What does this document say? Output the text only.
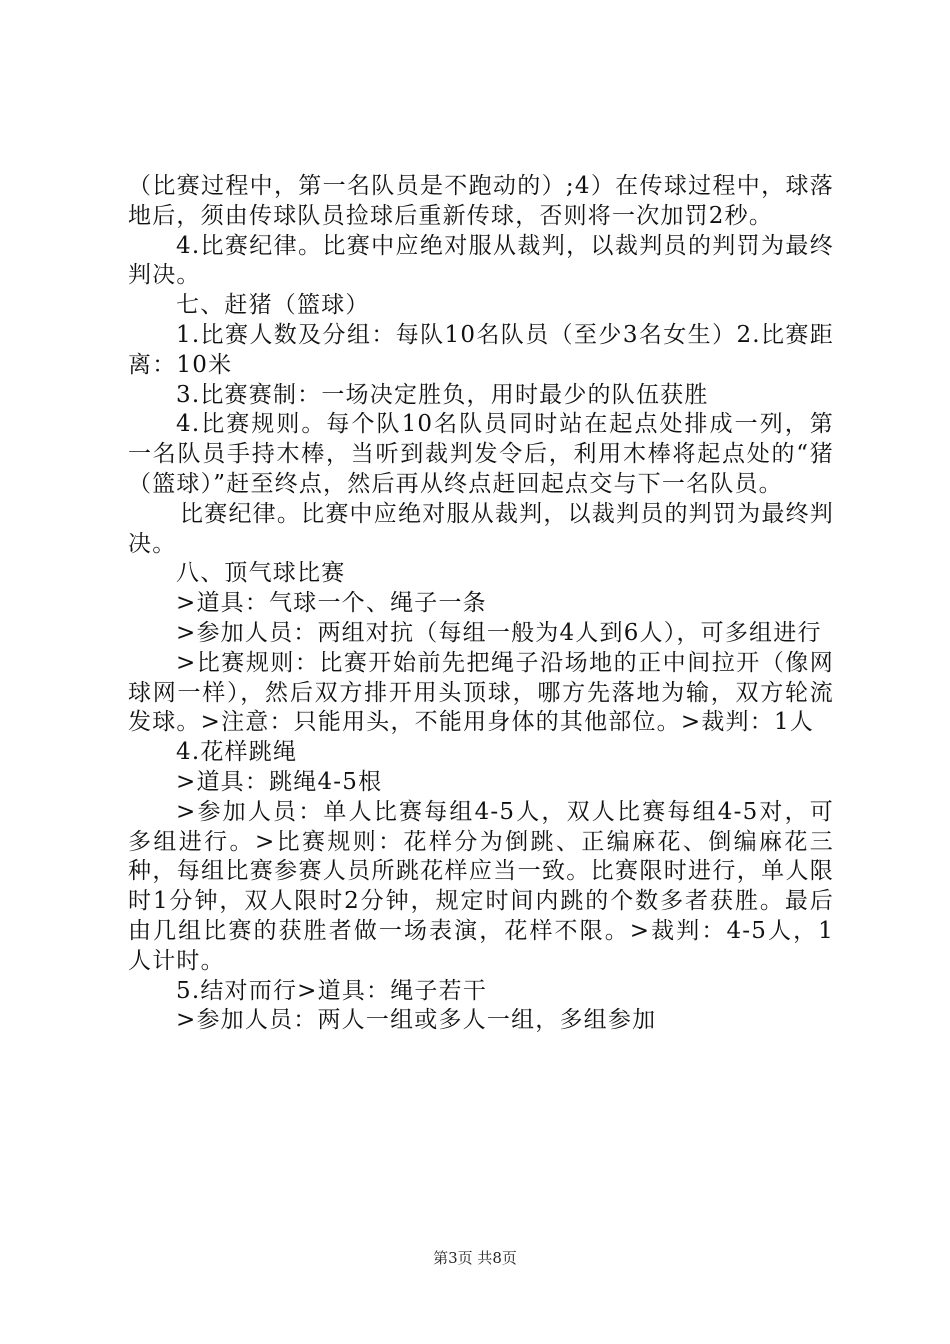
（比赛过程中，第一名队员是不跑动的）;4）在传球过程中，球落地后，须由传球队员捡球后重新传球，否则将一次加罚2秒。

4.比赛纪律。比赛中应绝对服从裁判，以裁判员的判罚为最终判决。

七、赶猪（篮球）

1.比赛人数及分组：每队10名队员（至少3名女生）2.比赛距离：10米

3.比赛赛制：一场决定胜负，用时最少的队伍获胜

4.比赛规则。每个队10名队员同时站在起点处排成一列，第一名队员手持木棒，当听到裁判发令后，利用木棒将起点处的“猪（篮球）”赶至终点，然后再从终点赶回起点交与下一名队员。

比赛纪律。比赛中应绝对服从裁判，以裁判员的判罚为最终判决。

八、顶气球比赛

>道具：气球一个、绳子一条

>参加人员：两组对抗（每组一般为4人到6人），可多组进行

>比赛规则：比赛开始前先把绳子沿场地的正中间拉开（像网球网一样），然后双方排开用头顶球，哪方先落地为输，双方轮流发球。>注意：只能用头，不能用身体的其他部位。>裁判：1人

4.花样跳绳

>道具：跳绳4-5根

>参加人员：单人比赛每组4-5人，双人比赛每组4-5对，可多组进行。>比赛规则：花样分为倒跳、正编麻花、倒编麻花三种，每组比赛参赛人员所跳花样应当一致。比赛限时进行，单人限时1分钟，双人限时2分钟，规定时间内跳的个数多者获胜。最后由几组比赛的获胜者做一场表演，花样不限。>裁判：4-5人，1人计时。

5.结对而行>道具：绳子若干

>参加人员：两人一组或多人一组，多组参加

第3页 共8页
